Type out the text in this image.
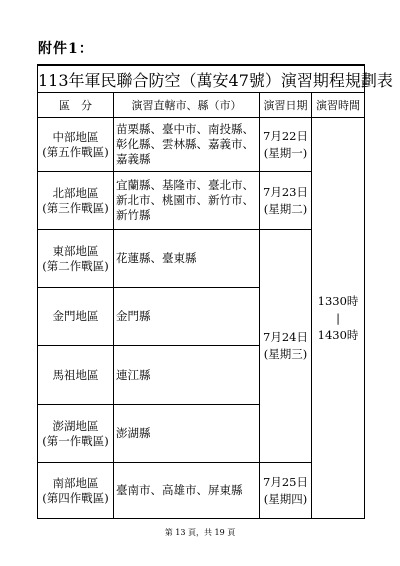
附件1：
113年軍民聯合防空（萬安47號）演習期程規劃表			
區　分	演習直轄市、縣（市）	演習日期	演習時間

中部地區
(第五作戰區)	苗栗縣、臺中市、南投縣、彰化縣、雲林縣、嘉義市、嘉義縣	7月22日
(星期一)	1330時
|
1430時

北部地區
(第三作戰區)	宜蘭縣、基隆市、臺北市、新北市、桃園市、新竹市、新竹縣	7月23日
(星期二)	

東部地區
(第二作戰區)	花蓮縣、臺東縣	7月24日
(星期三)	

金門地區	金門縣		

馬祖地區	連江縣		

澎湖地區
(第一作戰區)	澎湖縣		

南部地區
(第四作戰區)	臺南市、高雄市、屏東縣	7月25日
(星期四)	
第 13 頁，共 19 頁
